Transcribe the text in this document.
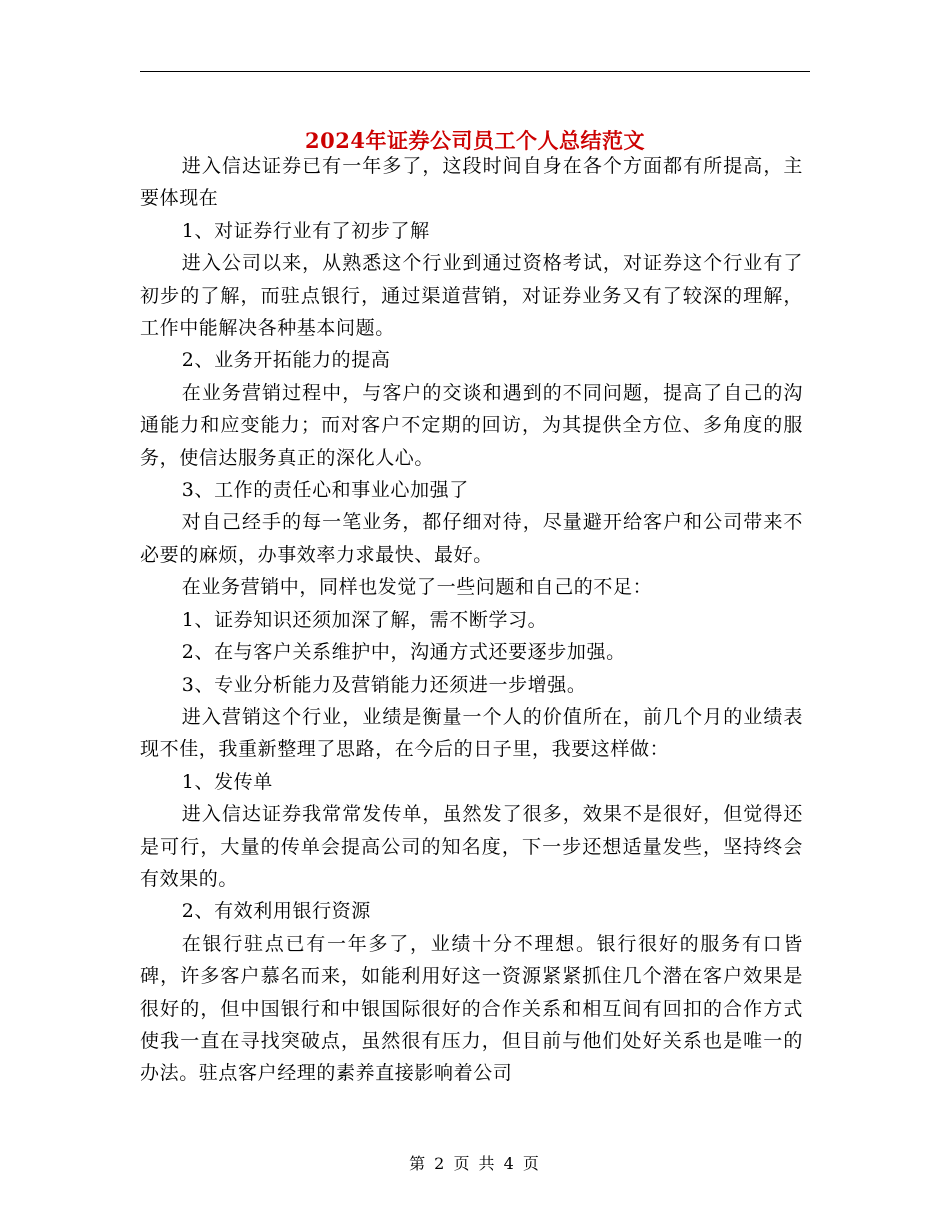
2024年证券公司员工个人总结范文

进入信达证券已有一年多了，这段时间自身在各个方面都有所提高，主要体现在

1、对证券行业有了初步了解

进入公司以来，从熟悉这个行业到通过资格考试，对证券这个行业有了初步的了解，而驻点银行，通过渠道营销，对证券业务又有了较深的理解，工作中能解决各种基本问题。

2、业务开拓能力的提高

在业务营销过程中，与客户的交谈和遇到的不同问题，提高了自己的沟通能力和应变能力；而对客户不定期的回访，为其提供全方位、多角度的服务，使信达服务真正的深化人心。

3、工作的责任心和事业心加强了

对自己经手的每一笔业务，都仔细对待，尽量避开给客户和公司带来不必要的麻烦，办事效率力求最快、最好。

在业务营销中，同样也发觉了一些问题和自己的不足：

1、证券知识还须加深了解，需不断学习。

2、在与客户关系维护中，沟通方式还要逐步加强。

3、专业分析能力及营销能力还须进一步增强。

进入营销这个行业，业绩是衡量一个人的价值所在，前几个月的业绩表现不佳，我重新整理了思路，在今后的日子里，我要这样做：

1、发传单

进入信达证券我常常发传单，虽然发了很多，效果不是很好，但觉得还是可行，大量的传单会提高公司的知名度，下一步还想适量发些，坚持终会有效果的。

2、有效利用银行资源

在银行驻点已有一年多了，业绩十分不理想。银行很好的服务有口皆碑，许多客户慕名而来，如能利用好这一资源紧紧抓住几个潜在客户效果是很好的，但中国银行和中银国际很好的合作关系和相互间有回扣的合作方式使我一直在寻找突破点，虽然很有压力，但目前与他们处好关系也是唯一的办法。驻点客户经理的素养直接影响着公司

第 2 页 共 4 页
